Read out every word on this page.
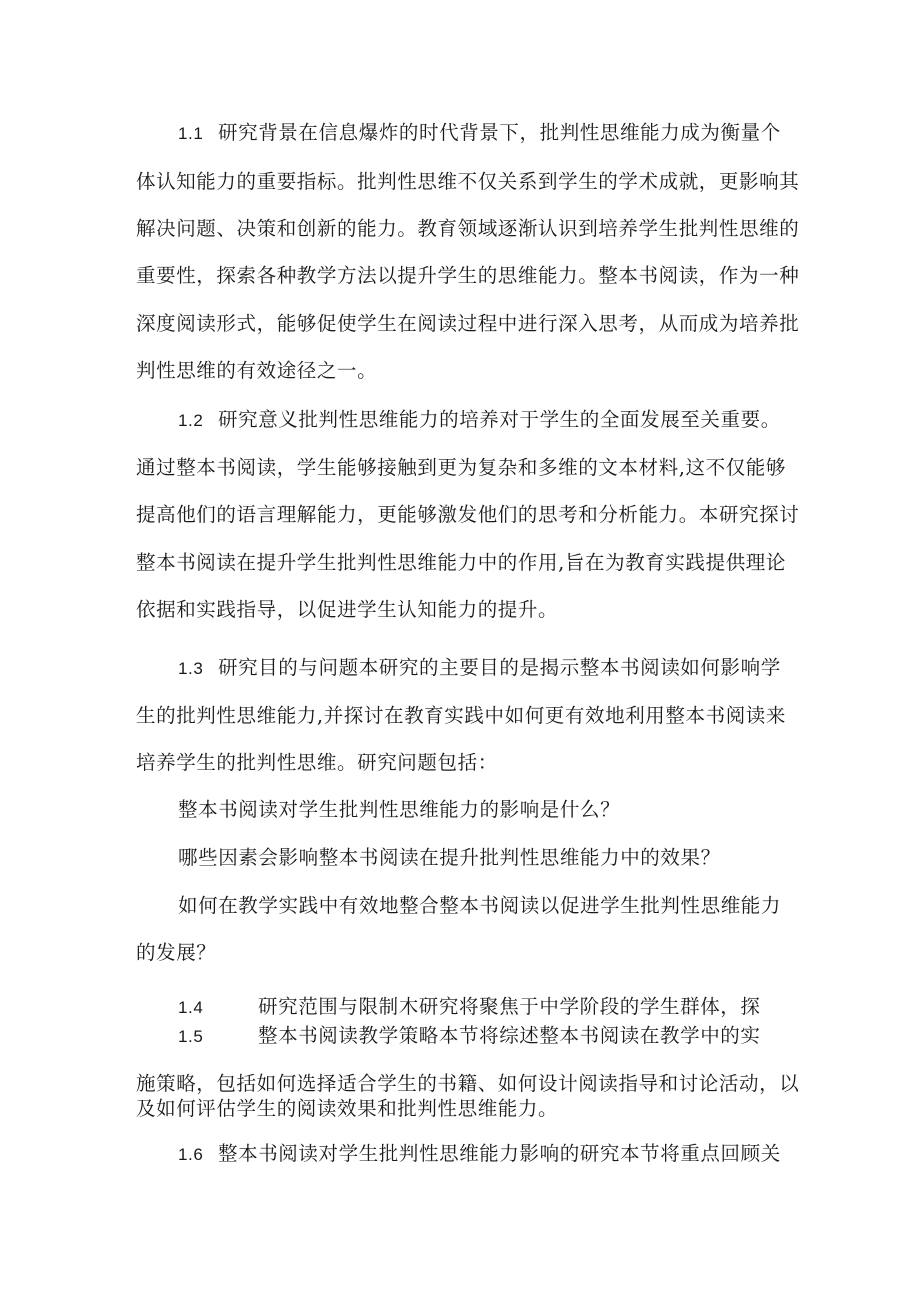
1.1 研究背景在信息爆炸的时代背景下，批判性思维能力成为衡量个
体认知能力的重要指标。批判性思维不仅关系到学生的学术成就，更影响其
解决问题、决策和创新的能力。教育领域逐渐认识到培养学生批判性思维的
重要性，探索各种教学方法以提升学生的思维能力。整本书阅读，作为一种
深度阅读形式，能够促使学生在阅读过程中进行深入思考，从而成为培养批
判性思维的有效途径之一。
1.2 研究意义批判性思维能力的培养对于学生的全面发展至关重要。
通过整本书阅读，学生能够接触到更为复杂和多维的文本材料,这不仅能够
提高他们的语言理解能力，更能够激发他们的思考和分析能力。本研究探讨
整本书阅读在提升学生批判性思维能力中的作用,旨在为教育实践提供理论
依据和实践指导，以促进学生认知能力的提升。
1.3 研究目的与问题本研究的主要目的是揭示整本书阅读如何影响学
生的批判性思维能力,并探讨在教育实践中如何更有效地利用整本书阅读来
培养学生的批判性思维。研究问题包括：
整本书阅读对学生批判性思维能力的影响是什么？
哪些因素会影响整本书阅读在提升批判性思维能力中的效果？
如何在教学实践中有效地整合整本书阅读以促进学生批判性思维能力
的发展？
1.4	研究范围与限制木研究将聚焦于中学阶段的学生群体，探
1.5	整本书阅读教学策略本节将综述整本书阅读在教学中的实
施策略，包括如何选择适合学生的书籍、如何设计阅读指导和讨论活动，以
及如何评估学生的阅读效果和批判性思维能力。
1.6 整本书阅读对学生批判性思维能力影响的研究本节将重点回顾关
